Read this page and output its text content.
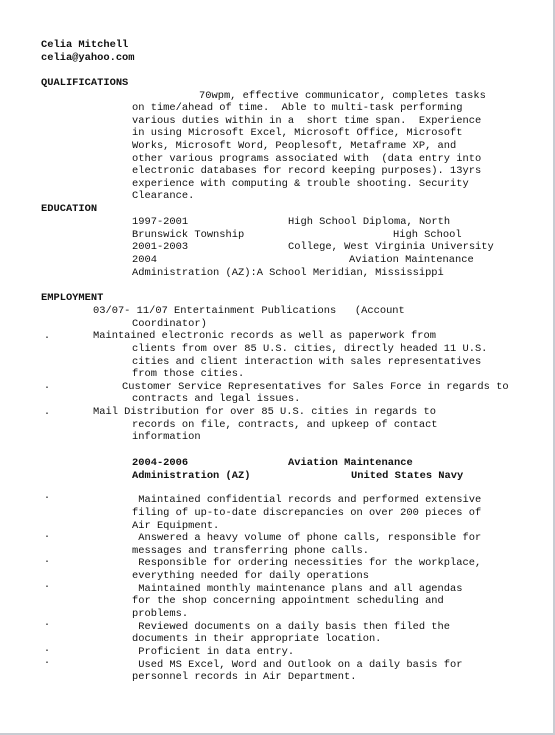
Celia Mitchell
celia@yahoo.com
QUALIFICATIONS
70wpm, effective communicator, completes tasks
on time/ahead of time.  Able to multi-task performing
various duties within in a  short time span.  Experience
in using Microsoft Excel, Microsoft Office, Microsoft
Works, Microsoft Word, Peoplesoft, Metaframe XP, and
other various programs associated with  (data entry into
electronic databases for record keeping purposes). 13yrs
experience with computing & trouble shooting. Security
Clearance.
EDUCATION
1997-2001	High School Diploma, North
Brunswick Township	High School
2001-2003	College, West Virginia University
2004	Aviation Maintenance
Administration (AZ):A School Meridian, Mississippi
EMPLOYMENT
03/07- 11/07 Entertainment Publications   (Account
Coordinator)
.	Maintained electronic records as well as paperwork from
clients from over 85 U.S. cities, directly headed 11 U.S.
cities and client interaction with sales representatives
from those cities.
.	Customer Service Representatives for Sales Force in regards to
contracts and legal issues.
.	Mail Distribution for over 85 U.S. cities in regards to
records on file, contracts, and upkeep of contact
information
2004-2006	Aviation Maintenance
Administration (AZ)	United States Navy
·	Maintained confidential records and performed extensive
filing of up-to-date discrepancies on over 200 pieces of
Air Equipment.
·	Answered a heavy volume of phone calls, responsible for
messages and transferring phone calls.
·	Responsible for ordering necessities for the workplace,
everything needed for daily operations
·	Maintained monthly maintenance plans and all agendas
for the shop concerning appointment scheduling and
problems.
·	Reviewed documents on a daily basis then filed the
documents in their appropriate location.
·	Proficient in data entry.
·	Used MS Excel, Word and Outlook on a daily basis for
personnel records in Air Department.
